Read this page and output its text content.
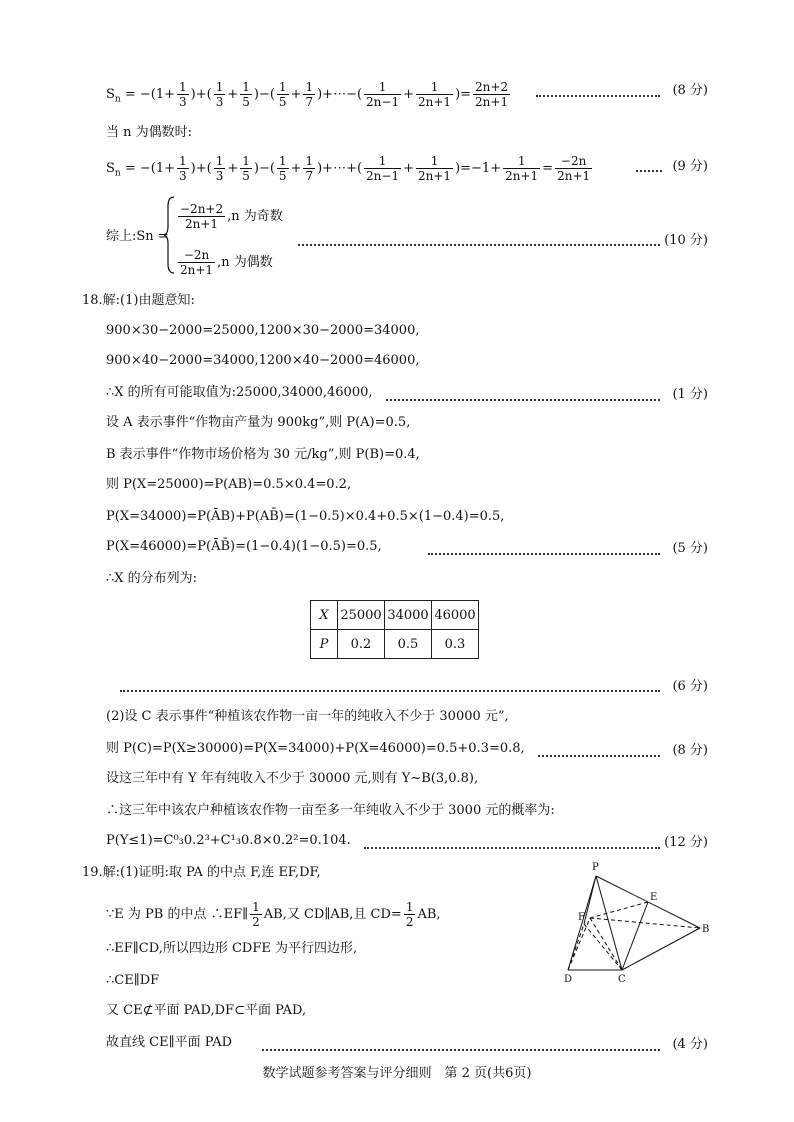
$S_n = -(1+ \frac{1}{3}$ )+( $\frac{1}{3} + \frac{1}{5}$ )−( $\frac{1}{5} + \frac{1}{7}$ )+⋯−( $\frac{1}{2n-1} + \frac{1}{2n+1}$ )= $\frac{2n+2}{2n+1}$	(8 分)
当 n 为偶数时:
$S_n = -(1+ \frac{1}{3}$ )+( $\frac{1}{3} + \frac{1}{5}$ )−( $\frac{1}{5} + \frac{1}{7}$ )+⋯+( $\frac{1}{2n-1} + \frac{1}{2n+1} )=-1+ \frac{1}{2n+1} = \frac{-2n}{2n+1}$	(9 分)
综上:Sn =
$\frac{-2n+2}{2n+1} ,n$ 为奇数
$\frac{-2n}{2n+1} ,n$ 为偶数
(10 分)
18.解:(1)由题意知:
900×30−2000=25000,1200×30−2000=34000,
900×40−2000=34000,1200×40−2000=46000,
∴X 的所有可能取值为:25000,34000,46000,	(1 分)
设 A 表示事件“作物亩产量为 900kg”,则 P(A)=0.5,
B 表示事件“作物市场价格为 30 元/kg”,则 P(B)=0.4,
则 P(X=25000)=P(AB)=0.5×0.4=0.2,
P(X=34000)=P(ĀB)+P(AB̄)=(1−0.5)×0.4+0.5×(1−0.4)=0.5,
P(X=46000)=P(ĀB̄)=(1−0.4)(1−0.5)=0.5,	(5 分)
∴X 的分布列为:
X	25000	34000	46000
P	0.2	0.5	0.3
(6 分)
(2)设 C 表示事件“种植该农作物一亩一年的纯收入不少于 30000 元”,
则 P(C)=P(X≥30000)=P(X=34000)+P(X=46000)=0.5+0.3=0.8,	(8 分)
设这三年中有 Y 年有纯收入不少于 30000 元,则有 Y~B(3,0.8),
∴这三年中该农户种植该农作物一亩至多一年纯收入不少于 3000 元的概率为:
P(Y≤1)=C⁰₃0.2³+C¹₃0.8×0.2²=0.104.	(12 分)
19.解:(1)证明:取 PA 的中点 F,连 EF,DF,
∵E 为 PB 的中点 ∴EF∥ $\frac{1}{2}$ AB,又 CD∥AB,且 $CD= \frac{1}{2}$ AB,
∴EF∥CD,所以四边形 CDFE 为平行四边形,
∴CE∥DF
又 CE⊄平面 PAD,DF⊂平面 PAD,
故直线 CE∥平面 PAD	(4 分)
P
E
F
B
D	C
数学试题参考答案与评分细则　第 2 页(共6页)
